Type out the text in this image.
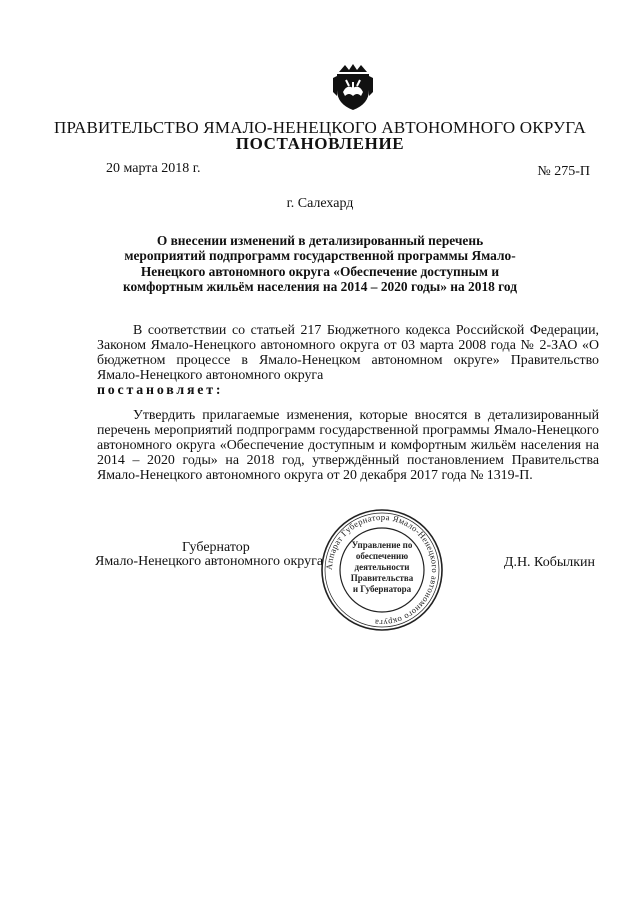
ПРАВИТЕЛЬСТВО ЯМАЛО-НЕНЕЦКОГО АВТОНОМНОГО ОКРУГА
ПОСТАНОВЛЕНИЕ
20 марта 2018 г.	№ 275-П
г. Салехард
О внесении изменений в детализированный перечень мероприятий подпрограмм государственной программы Ямало-Ненецкого автономного округа «Обеспечение доступным и комфортным жильём населения на 2014 – 2020 годы» на 2018 год
В соответствии со статьей 217 Бюджетного кодекса Российской Федерации, Законом Ямало-Ненецкого автономного округа от 03 марта 2008 года № 2-ЗАО «О бюджетном процессе в Ямало-Ненецком автономном округе» Правительство Ямало-Ненецкого автономного округа
постановляет:
Утвердить прилагаемые изменения, которые вносятся в детализированный перечень мероприятий подпрограмм государственной программы Ямало-Ненецкого автономного округа «Обеспечение доступным и комфортным жильём населения на 2014 – 2020 годы» на 2018 год, утверждённый постановлением Правительства Ямало-Ненецкого автономного округа от 20 декабря 2017 года № 1319-П.
Губернатор
Ямало-Ненецкого автономного округа	Д.Н. Кобылкин
Аппарат Губернатора Ямало-Ненецкого автономного округа
Управление по
обеспечению
деятельности
Правительства
и Губернатора
